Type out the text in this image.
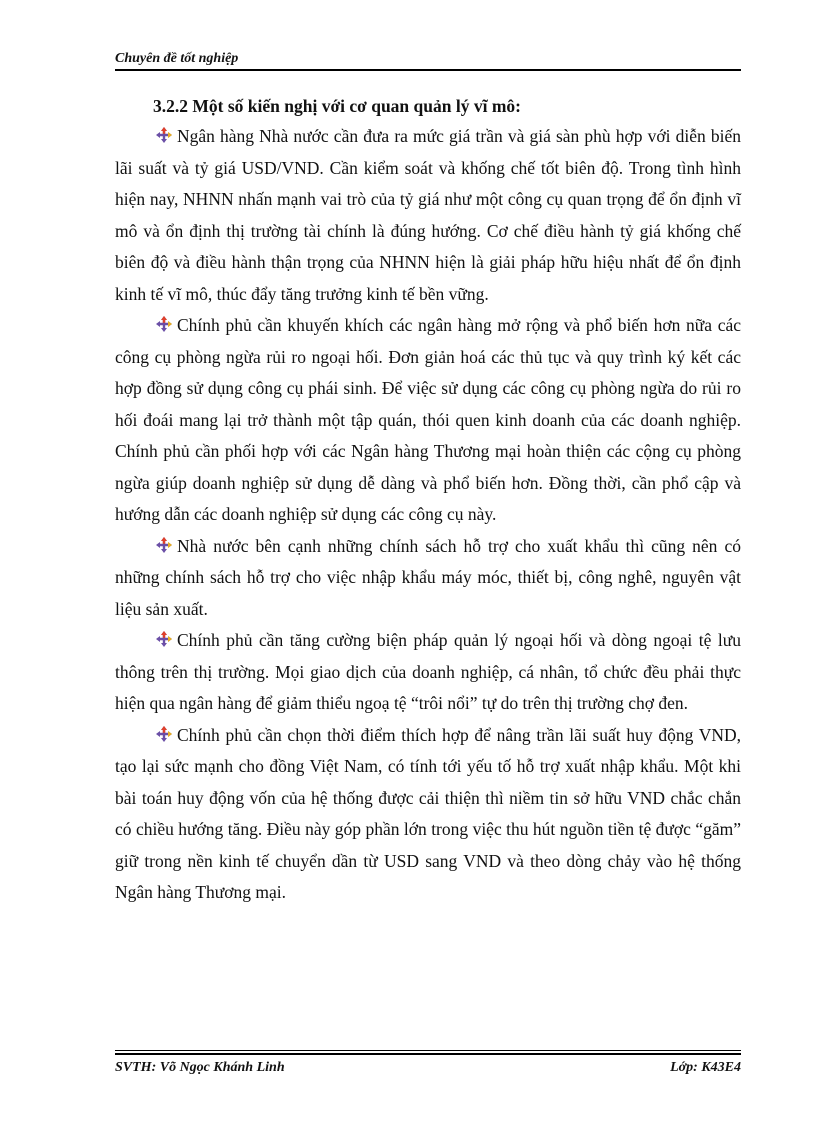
Chuyên đề tốt nghiệp
3.2.2 Một số kiến nghị với cơ quan quản lý vĩ mô:

Ngân hàng Nhà nước cần đưa ra mức giá trần và giá sàn phù hợp với diễn biến lãi suất và tỷ giá USD/VND. Cần kiểm soát và khống chế tốt biên độ. Trong tình hình hiện nay, NHNN nhấn mạnh vai trò của tỷ giá như một công cụ quan trọng để ổn định vĩ mô và ổn định thị trường tài chính là đúng hướng. Cơ chế điều hành tỷ giá khống chế biên độ và điều hành thận trọng của NHNN hiện là giải pháp hữu hiệu nhất để ổn định kinh tế vĩ mô, thúc đẩy tăng trưởng kinh tế bền vững.

Chính phủ cần khuyến khích các ngân hàng mở rộng và phổ biến hơn nữa các công cụ phòng ngừa rủi ro ngoại hối. Đơn giản hoá các thủ tục và quy trình ký kết các hợp đồng sử dụng công cụ phái sinh. Để việc sử dụng các công cụ phòng ngừa do rủi ro hối đoái mang lại trở thành một tập quán, thói quen kinh doanh của các doanh nghiệp. Chính phủ cần phối hợp với các Ngân hàng Thương mại hoàn thiện các cộng cụ phòng ngừa giúp doanh nghiệp sử dụng dễ dàng và phổ biến hơn. Đồng thời, cần phổ cập và hướng dẫn các doanh nghiệp sử dụng các công cụ này.

Nhà nước bên cạnh những chính sách hỗ trợ cho xuất khẩu thì cũng nên có những chính sách hỗ trợ cho việc nhập khẩu máy móc, thiết bị, công nghê, nguyên vật liệu sản xuất.

Chính phủ cần tăng cường biện pháp quản lý ngoại hối và dòng ngoại tệ lưu thông trên thị trường. Mọi giao dịch của doanh nghiệp, cá nhân, tổ chức đều phải thực hiện qua ngân hàng để giảm thiểu ngoạ tệ “trôi nổi” tự do trên thị trường chợ đen.

Chính phủ cần chọn thời điểm thích hợp để nâng trần lãi suất huy động VND, tạo lại sức mạnh cho đồng Việt Nam, có tính tới yếu tố hỗ trợ xuất nhập khẩu. Một khi bài toán huy động vốn của hệ thống được cải thiện thì niềm tin sở hữu VND chắc chắn có chiều hướng tăng. Điều này góp phần lớn trong việc thu hút nguồn tiền tệ được “găm” giữ trong nền kinh tế chuyển dần từ USD sang VND và theo dòng chảy vào hệ thống Ngân hàng Thương mại.

SVTH: Võ Ngọc Khánh Linh	Lớp: K43E4
